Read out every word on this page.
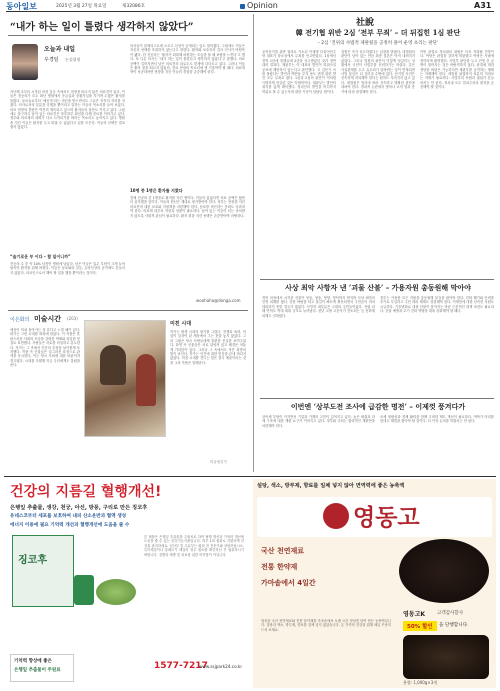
동아일보	2025년 3월 27일 목요일	제32086호	Opinion	A31
“내가 하는 일이 틀렸다 생각하지 않았다”
오늘과 내일
우경임 논설위원
지난해 초부터 시작된 의정 갈등 속에서도 현장을 떠나지 않은 의료진이 있다. 이들은 전공의가 모두 떠난 병원에서 응급실과 중환자실을 지키며 수많은 환자를 돌봤다. 동료들로부터 ‘배신자’라는 비난을 받으면서도 그들은 묵묵히 자리를 지켰다. 의사로서의 본분을 다했을 뿐이라고 말하는 이들의 목소리를 들어 보았다. 의료 현장의 혼란은 여전히 계속되고 있으며 환자들의 불안도 커지고 있다. 그럼에도 불구하고 남아 있는 의료진은 하루하루 최선을 다해 진료를 이어가고 있다. 정부와 의료계의 대화가 다시 시작되기를 바라는 목소리도 높아지고 있다. 병원을 지킨 이들은 환자를 두고 떠날 수 없었다고 입을 모은다. 이들의 선택은 결코 쉽지 않았다.
“슬기로운 부 이다 – 할 일이니까”
전공의 수 중 약 10% 남짓만 병원에 남았다. 남은 이들은 업무 부담이 크게 늘어났지만 환자를 위해 버텼다. 이들은 동료와의 갈등, 온라인상의 공격에도 흔들리지 않았다. 의료인으로서 해야 할 일을 했을 뿐이라는 것이다.
의사들이 블랙리스트에 오르고 신상이 공개되는 일도 벌어졌다. 그럼에도 이들은 자신의 선택을 후회하지 않는다고 말한다. 환자와 보호자의 감사 인사가 버팀목이 됐다. 한 전공의는 ‘환자가 회복해 퇴원하는 모습을 볼 때 보람을 느낀다’고 했다. 또 다른 의사는 ‘내가 하는 일이 틀렸다고 생각하지 않았다’고 말했다. 의료 공백이 길어지면서 남은 의료진의 피로도도 한계에 다다르고 있다. 그러나 이들은 환자 곁을 떠나지 않았다. 진료 현장의 목소리에 귀 기울여야 할 때다. 의료개혁이 성공하려면 현장을 지킨 이들의 경험을 존중해야 한다.
10명 중 1명은 환자를 지켰다
전체 전공의 중 1명꼴로 환자를 지킨 셈이다. 이들이 없었다면 의료 공백은 훨씬 더 심각했을 것이다. 이들의 헌신은 제대로 평가받아야 한다. 정부는 현장을 지킨 의료진에 대한 보호와 지원책을 마련해야 한다. 동료를 비난하는 문화도 사라져야 한다. 의료계 내부의 자성과 성찰이 필요하다. 남아 있는 이들이 더는 상처받지 않도록 사회적 관심이 필요하다. 환자 곁을 지킨 선택은 존중받아야 마땅하다.
woohaha@donga.com
이은화의 미술시간 (203)
세상이 미쳐 돌아가는 것 같다고 느낄 때가 있다. 화가는 그런 시대를 화폭에 담았다. 이 작품은 혼란스러운 사회의 모습을 강렬한 색채와 과감한 붓질로 표현했다. 사람들은 서로를 의심하고 분노한다. 작가는 그 속에서 인간의 본성을 날카롭게 포착했다. 작품 속 인물들은 일그러진 표정으로 관객을 응시한다. 이는 당시 사회에 대한 비판이자 경고였다. 시대를 초월해 지금 우리에게도 울림을 준다.
미친 시대
작가는 평생 시대의 광기를 그렸다. 전쟁과 폭력, 억압이 일상이 된 세상에서 그는 붓을 놓지 않았다. 그의 그림은 당시 사람들에게 불편한 진실을 보여주었다. 화면 속 인물들은 서로 뒤엉켜 있고 배경은 어둡게 가라앉아 있다. 그러나 그 속에서도 작은 희망의 빛이 보인다. 작가는 인간에 대한 믿음을 끝내 버리지 않았다. 미친 시대를 견디는 힘은 결국 예술이라는 것을 그의 작품은 말해준다.
미술평론가
社說
韓 전기협 위반 2심 ‘전부 무죄’ – 더 뒤집힌 1심 판단
– 2심 ‘진위의 사법적 제판될을 공정히 풀어 운영 초리는 판단’
공직선거법 위반 혐의로 기소된 이재명 더불어민주당 대표가 항소심에서 무죄를 선고받았다. 1심에서 징역 1년에 집행유예 2년을 선고받았던 것과 정반대의 결과다. 재판부는 이 대표의 발언이 허위사실 공표에 해당하지 않는다고 판단했다. 고 김문기 씨를 몰랐다는 발언과 백현동 부지 용도 변경 관련 발언 모두 무죄로 봤다. 1심과 2심의 판단이 이처럼 극명하게 엇갈린 것은 이례적이다. 재판부는 발언의 취지를 넓게 해석했다. 정치인의 발언을 어디까지 허위로 볼 수 있는지에 대한 기준이 달랐던 셈이다.
검찰은 즉각 상고하겠다는 입장을 밝혔다. 대법원의 판단이 남아 있는 만큼 최종 결론은 아직 내려지지 않았다. 그러나 법원의 판단이 이렇게 엇갈리는 상황에서 국민이 사법부를 신뢰하기는 어렵다. 같은 사실관계를 두고 유무죄가 뒤바뀌는 일이 반복되면 사법 불신은 더 깊어질 수밖에 없다. 선거법 사건은 신속하게 처리해야 한다는 원칙도 지켜지지 않고 있다. 대법원은 법리에 따라 신속하고 명확한 판단을 내려야 한다. 정치적 논란에서 벗어나 오직 법과 증거에 따라 판결해야 한다.
이번 판결로 정치권의 대립은 더욱 격화될 전망이다. 여당은 판결을 강하게 비판했고 야당은 사필귀정이라며 환영했다. 사법부 판단을 두고 진영 간 공방이 벌어지는 것은 바람직하지 않다. 판결에 대한 정당한 비판은 가능하지만 재판부를 공격하는 행태는 자제해야 한다. 대법원 판결까지 차분히 지켜보는 자세가 필요하다. 사법부의 독립과 권위가 흔들려서는 안 된다. 정치권 모두 법치주의의 원칙을 존중해야 할 것이다.
사상 최악 사항자 낸 ‘괴물 산불’ – 가용자원 총동원해 막아야
경북 의성에서 시작된 산불이 안동, 청송, 영양, 영덕까지 번지며 사상 최악의 인명 피해를 냈다. 강한 바람을 타고 불길이 빠르게 확산되면서 주민들이 미처 대피하지 못한 경우가 많았다. 사망자 대부분은 고령의 주민들이었다. 산림 피해 면적도 역대 최대 규모로 늘어났다. 천년 고찰 고운사가 전소되는 등 문화재 피해도 잇따랐다.
정부는 가용한 모든 자원을 총동원해 불길을 잡아야 한다. 진화 헬기와 인력을 추가로 투입하고 주민 대피 체계도 점검해야 한다. 이재민에 대한 신속한 지원도 시급하다. 기후변화로 대형 산불이 잦아지는 만큼 근본적인 대책 마련도 필요하다. 산불 예방과 초기 진화 역량을 대폭 강화해야 할 때다.
이번엔 ‘상부도전 조사에 급감한 명전’ – 이제껏 풍겨다가
상속세 부담이 커지면서 기업과 가계의 고민이 깊어지고 있다. 높은 세율과 과세 구조에 대한 개편 요구가 이어지고 있다. 정부와 국회는 합리적인 개편안을 마련해야 한다.
조세 형평성과 경제 활력을 함께 고려한 제도 개선이 필요하다. 여야가 머리를 맞대고 해법을 찾아야 할 것이다. 더 이상 논의를 미뤄서는 안 된다.
건강의 지름길 혈행개선!
은행잎 추출물, 생강, 천궁, 아선, 방풍, 구리로 만든 징코후
유네스코부터 세포를 보호하여 내피 산소운반과 혈액 생성
에너지 이용에 필요 기억력 개선과 혈행개선에 도움을 줄 수
징코후
본 제품은 은행잎 추출물을 주원료로 하여 혈행 개선과 기억력 개선에 도움을 줄 수 있는 건강기능식품입니다. 하루 1회 섭취로 간편하게 건강을 관리하세요. 임산부 및 수유부는 섭취 전 전문가와 상담하십시오. 특이체질이나 알레르기 체질의 경우 원료를 확인하신 후 섭취하시기 바랍니다. 질병의 예방 및 치료를 위한 의약품이 아닙니다.
기억력 향상에 좋은
은행잎 추출물이 주원료	1577-7217
www.ssjpark24.co.kr
설탕, 색소, 방부제, 향료를 일체 넣지 않아 면역력에 좋은 농축액
영동고
국산 천연재료
전통 한약재
가마솥에서 4일간
영동고K	고객감사할사
50% 할인	을 단행합니다.
엄선된 국산 천연재료와 전통 한약재를 가마솥에서 오랜 시간 정성껏 달여 만든 농축액입니다. 설탕과 색소, 방부제, 향료를 일체 넣지 않았습니다. 온 가족의 건강을 위해 매일 꾸준히 드셔 보세요.
용량: 1,000g×3개
